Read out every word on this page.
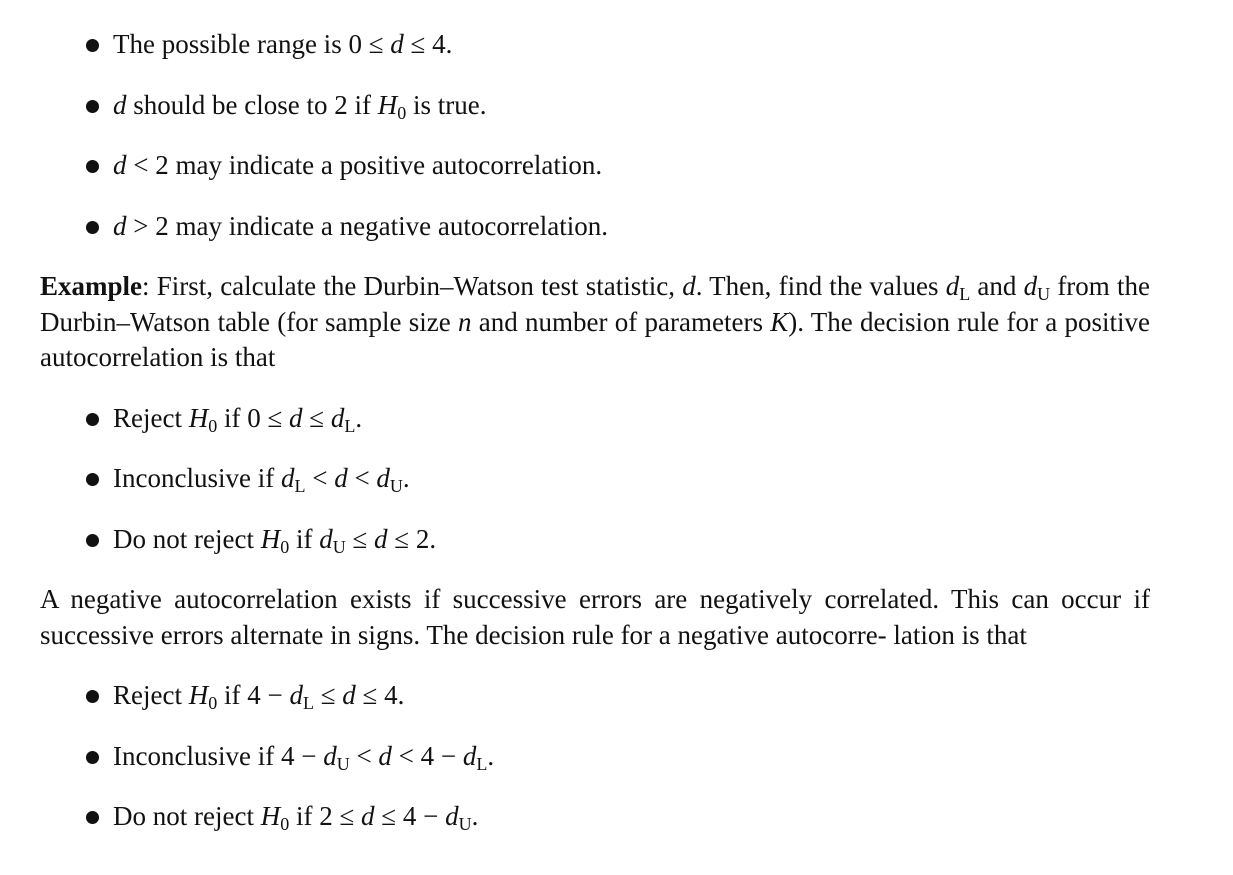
The possible range is 0 ≤ d ≤ 4.
d should be close to 2 if $H_0$ is true.
d < 2 may indicate a positive autocorrelation.
d > 2 may indicate a negative autocorrelation.

Example: First, calculate the Durbin–Watson test statistic, d. Then, find the values $d_L$ and $d_U$ from the Durbin–Watson table (for sample size n and number of parameters K). The decision rule for a positive autocorrelation is that

Reject $H_0$ if $0 \le d \le d_L$.
Inconclusive if $d_L < d < d_U$.
Do not reject $H_0$ if $d_U \le d \le 2$.

A negative autocorrelation exists if successive errors are negatively correlated. This can occur if successive errors alternate in signs. The decision rule for a negative autocorre- lation is that

Reject $H_0$ if $4 - d_L \le d \le 4$.
Inconclusive if $4 - d_U < d < 4 - d_L$.
Do not reject $H_0$ if $2 \le d \le 4 - d_U$.
